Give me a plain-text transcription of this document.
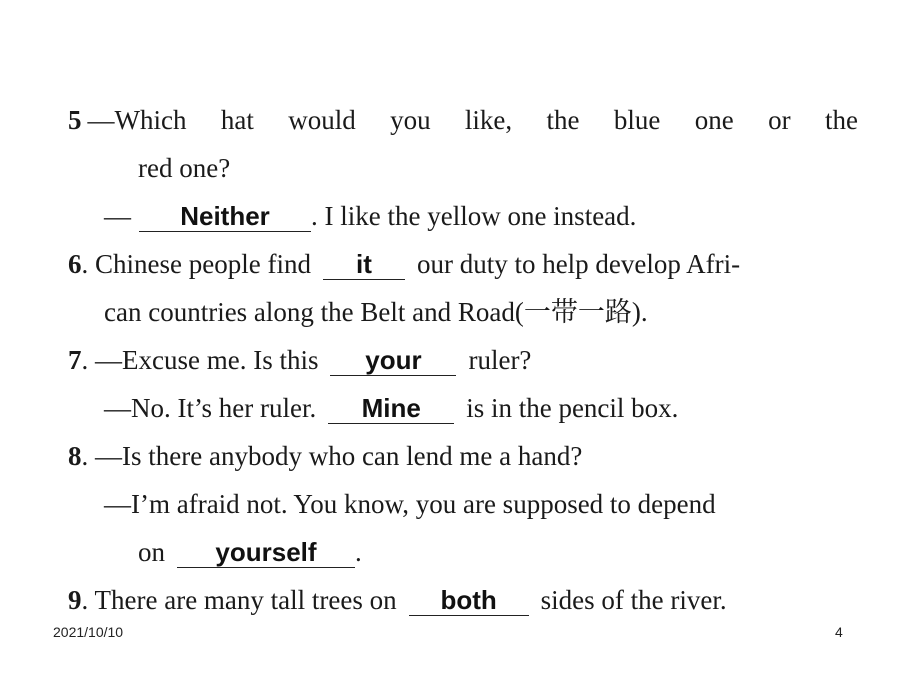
5 —Which hat would you like, the blue one or the
red one?
— Neither . I like the yellow one instead.
6. Chinese people find it our duty to help develop Afri-
can countries along the Belt and Road(一带一路).
7. —Excuse me. Is this your ruler?
—No. It’s her ruler. Mine is in the pencil box.
8. —Is there anybody who can lend me a hand?
—I’m afraid not. You know, you are supposed to depend
on yourself .
9. There are many tall trees on both sides of the river.
2021/10/10	4
